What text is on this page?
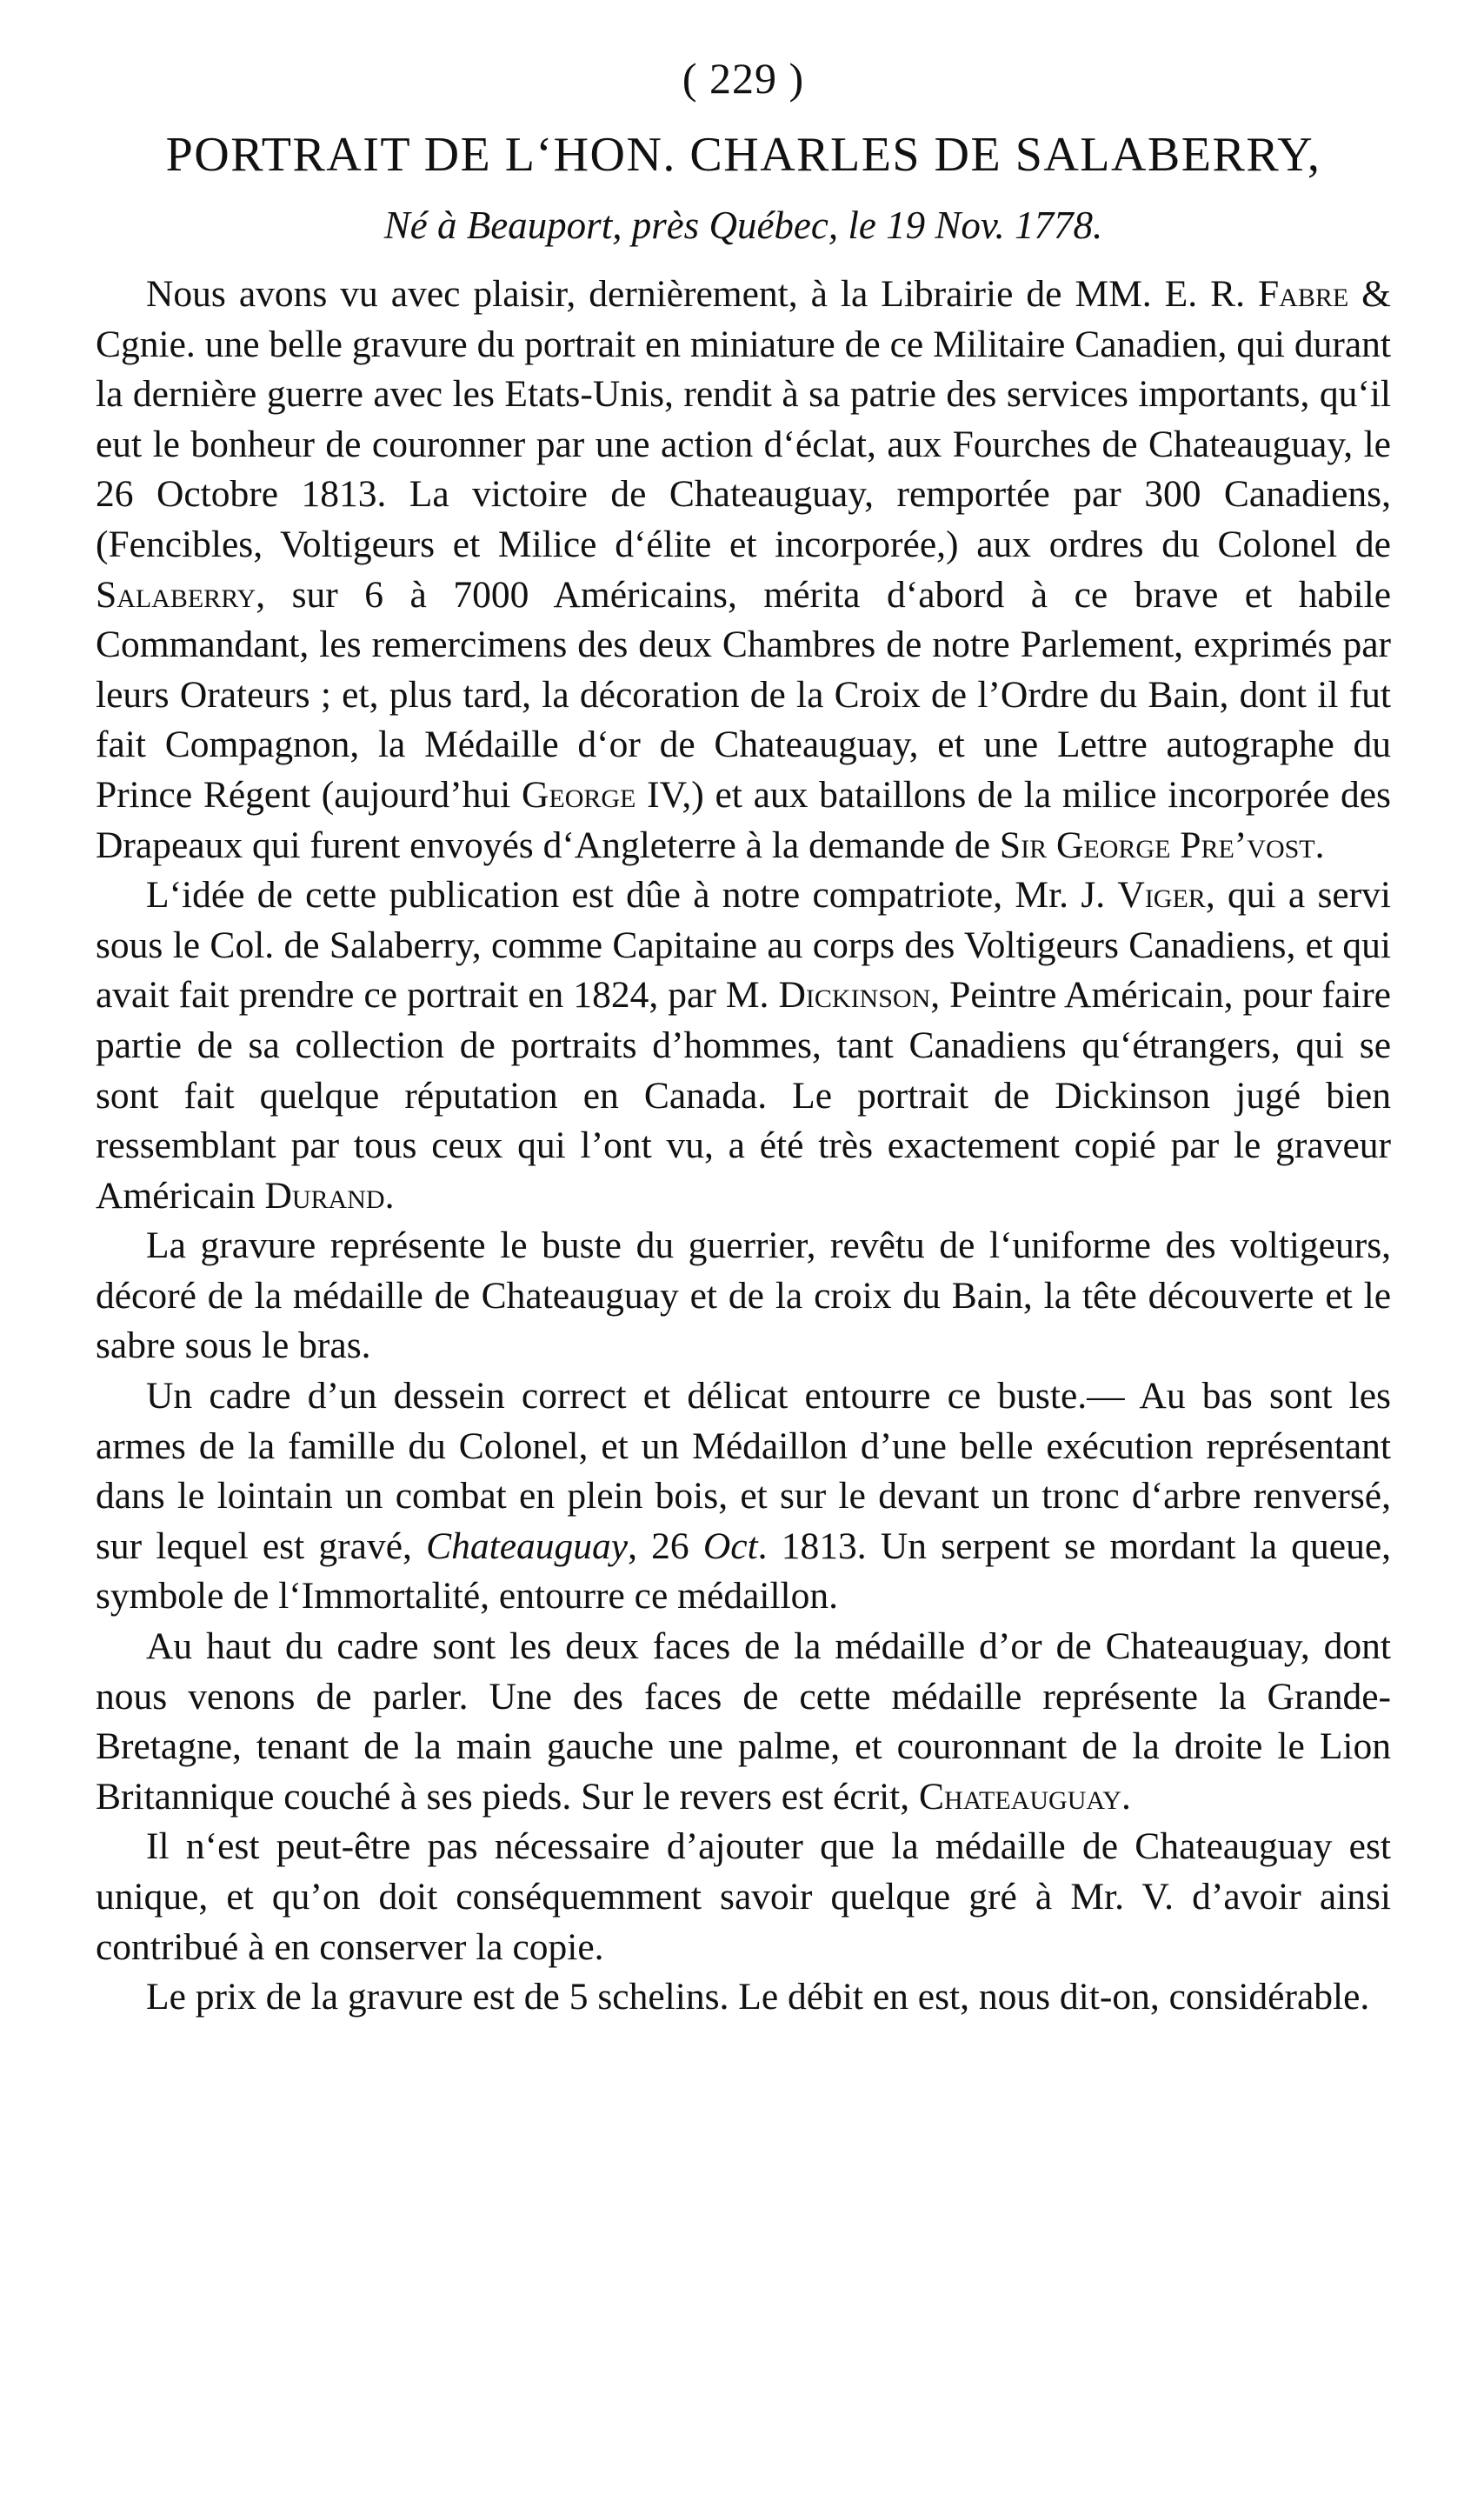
( 229 )
PORTRAIT DE L‘HON. CHARLES DE SALABERRY,
Né à Beauport, près Québec, le 19 Nov. 1778.

Nous avons vu avec plaisir, dernièrement, à la Librairie de MM. E. R. Fabre & Cgnie. une belle gravure du portrait en miniature de ce Militaire Canadien, qui durant la dernière guerre avec les Etats-Unis, rendit à sa patrie des services importants, qu‘il eut le bonheur de couronner par une action d‘éclat, aux Fourches de Chateauguay, le 26 Octobre 1813. La victoire de Chateauguay, remportée par 300 Canadiens, (Fencibles, Voltigeurs et Milice d‘élite et incorporée,) aux ordres du Colonel de Salaberry, sur 6 à 7000 Américains, mérita d‘abord à ce brave et habile Commandant, les remercimens des deux Chambres de notre Parlement, exprimés par leurs Orateurs ; et, plus tard, la décoration de la Croix de l’Ordre du Bain, dont il fut fait Compagnon, la Médaille d‘or de Chateauguay, et une Lettre autographe du Prince Régent (aujourd’hui George IV,) et aux bataillons de la milice incorporée des Drapeaux qui furent envoyés d‘Angleterre à la demande de Sir George Pre’vost.

L‘idée de cette publication est dûe à notre compatriote, Mr. J. Viger, qui a servi sous le Col. de Salaberry, comme Capitaine au corps des Voltigeurs Canadiens, et qui avait fait prendre ce portrait en 1824, par M. Dickinson, Peintre Américain, pour faire partie de sa collection de portraits d’hommes, tant Canadiens qu‘étrangers, qui se sont fait quelque réputation en Canada. Le portrait de Dickinson jugé bien ressemblant par tous ceux qui l’ont vu, a été très exactement copié par le graveur Américain Durand.

La gravure représente le buste du guerrier, revêtu de l‘uniforme des voltigeurs, décoré de la médaille de Chateauguay et de la croix du Bain, la tête découverte et le sabre sous le bras.

Un cadre d’un dessein correct et délicat entourre ce buste.— Au bas sont les armes de la famille du Colonel, et un Médaillon d’une belle exécution représentant dans le lointain un combat en plein bois, et sur le devant un tronc d‘arbre renversé, sur lequel est gravé, Chateauguay, 26 Oct. 1813. Un serpent se mordant la queue, symbole de l‘Immortalité, entourre ce médaillon.

Au haut du cadre sont les deux faces de la médaille d’or de Chateauguay, dont nous venons de parler. Une des faces de cette médaille représente la Grande-Bretagne, tenant de la main gauche une palme, et couronnant de la droite le Lion Britannique couché à ses pieds. Sur le revers est écrit, Chateauguay.

Il n‘est peut-être pas nécessaire d’ajouter que la médaille de Chateauguay est unique, et qu’on doit conséquemment savoir quelque gré à Mr. V. d’avoir ainsi contribué à en conserver la copie.

Le prix de la gravure est de 5 schelins. Le débit en est, nous dit-on, considérable.
